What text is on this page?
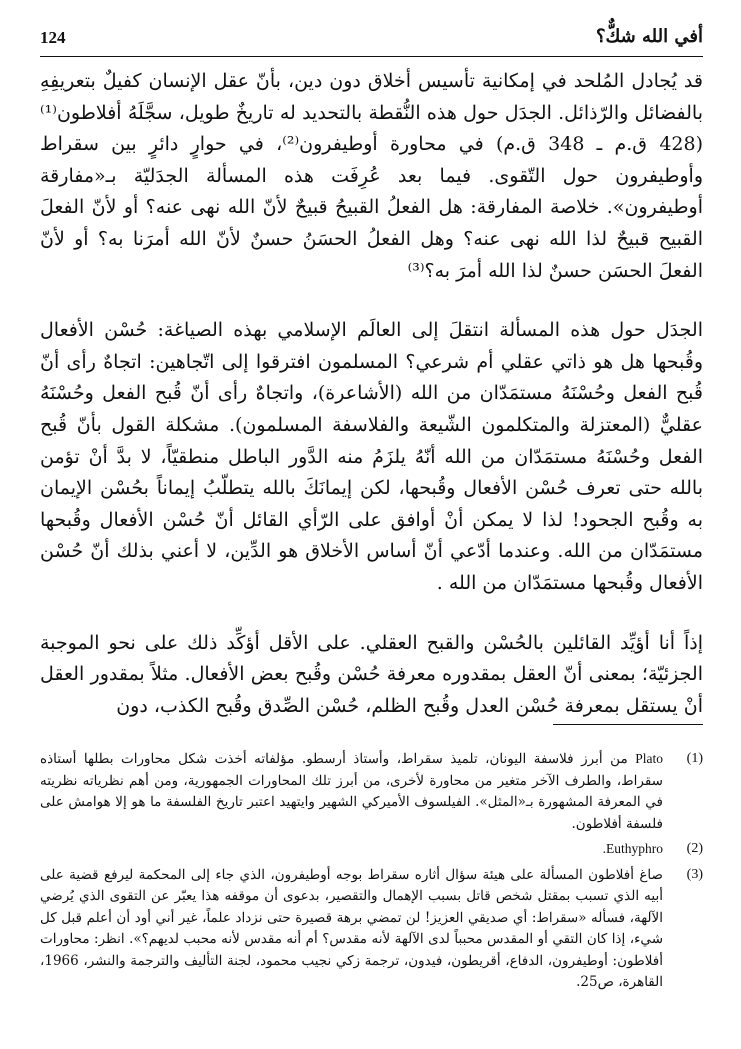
124	أفي الله شكٌّ؟

قد يُجادل المُلحد في إمكانية تأسيس أخلاق دون دين، بأنّ عقل الإنسان كفيلٌ بتعريفِهِ بالفضائل والرّذائل. الجدَل حول هذه النُّقطة بالتحديد له تاريخٌ طويل، سجَّلَهُ أفلاطون⁽¹⁾ (428 ق.م ـ 348 ق.م) في محاورة أوطيفرون⁽²⁾، في حوارٍ دائرٍ بين سقراط وأوطيفرون حول التّقوى. فيما بعد عُرِفَت هذه المسألة الجدَليّة بـ«مفارقة أوطيفرون». خلاصة المفارقة: هل الفعلُ القبيحُ قبيحٌ لأنّ الله نهى عنه؟ أو لأنّ الفعلَ القبيح قبيحٌ لذا الله نهى عنه؟ وهل الفعلُ الحسَنُ حسنٌ لأنّ الله أمرَنا به؟ أو لأنّ الفعلَ الحسَن حسنٌ لذا الله أمرَ به؟⁽³⁾

الجدَل حول هذه المسألة انتقلَ إلى العالَم الإسلامي بهذه الصياغة: حُسْن الأفعال وقُبحها هل هو ذاتي عقلي أم شرعي؟ المسلمون افترقوا إلى اتّجاهين: اتجاهٌ رأى أنّ قُبح الفعل وحُسْنَهُ مستمَدّان من الله (الأشاعرة)، واتجاهٌ رأى أنّ قُبح الفعل وحُسْنَهُ عقليٌّ (المعتزلة والمتكلمون الشّيعة والفلاسفة المسلمون). مشكلة القول بأنّ قُبح الفعل وحُسْنَهُ مستمَدّان من الله أنّهُ يلزَمُ منه الدَّور الباطل منطقيّاً، لا بدَّ أنْ تؤمن بالله حتى تعرف حُسْن الأفعال وقُبحها، لكن إيمانَكَ بالله يتطلّبُ إيماناً بحُسْن الإيمان به وقُبح الجحود! لذا لا يمكن أنْ أوافق على الرّأي القائل أنّ حُسْن الأفعال وقُبحها مستمَدّان من الله. وعندما أدّعي أنّ أساس الأخلاق هو الدِّين، لا أعني بذلك أنّ حُسْن الأفعال وقُبحها مستمَدّان من الله .

إذاً أنا أؤيِّد القائلين بالحُسْن والقبح العقلي. على الأقل أؤكِّد ذلك على نحو الموجبة الجزئيّة؛ بمعنى أنّ العقل بمقدوره معرفة حُسْن وقُبح بعض الأفعال. مثلاً بمقدور العقل أنْ يستقل بمعرفة حُسْن العدل وقُبح الظلم، حُسْن الصِّدق وقُبح الكذب، دون

(1)
Plato من أبرز فلاسفة اليونان، تلميذ سقراط، وأستاذ أرسطو. مؤلفاته أخذت شكل محاورات بطلها أستاذه سقراط، والطرف الآخر متغير من محاورة لأخرى، من أبرز تلك المحاورات الجمهورية، ومن أهم نظرياته نظريته في المعرفة المشهورة بـ«المثل». الفيلسوف الأميركي الشهير وايتهيد اعتبر تاريخ الفلسفة ما هو إلا هوامش على فلسفة أفلاطون.
(2)
Euthyphro.
(3)
صاغ أفلاطون المسألة على هيئة سؤال أثاره سقراط بوجه أوطيفرون، الذي جاء إلى المحكمة ليرفع قضية على أبيه الذي تسبب بمقتل شخص قاتل بسبب الإهمال والتقصير، بدعوى أن موقفه هذا يعبّر عن التقوى الذي يُرضي الآلهة، فسأله «سقراط: أي صديقي العزيز! لن تمضي برهة قصيرة حتى نزداد علماً، غير أني أود أن أعلم قبل كل شيء، إذا كان التقي أو المقدس محبباً لدى الآلهة لأنه مقدس؟ أم أنه مقدس لأنه محبب لديهم؟». انظر: محاورات أفلاطون: أوطيفرون، الدفاع، أقريطون، فيدون، ترجمة زكي نجيب محمود، لجنة التأليف والترجمة والنشر، 1966، القاهرة، ص25.
